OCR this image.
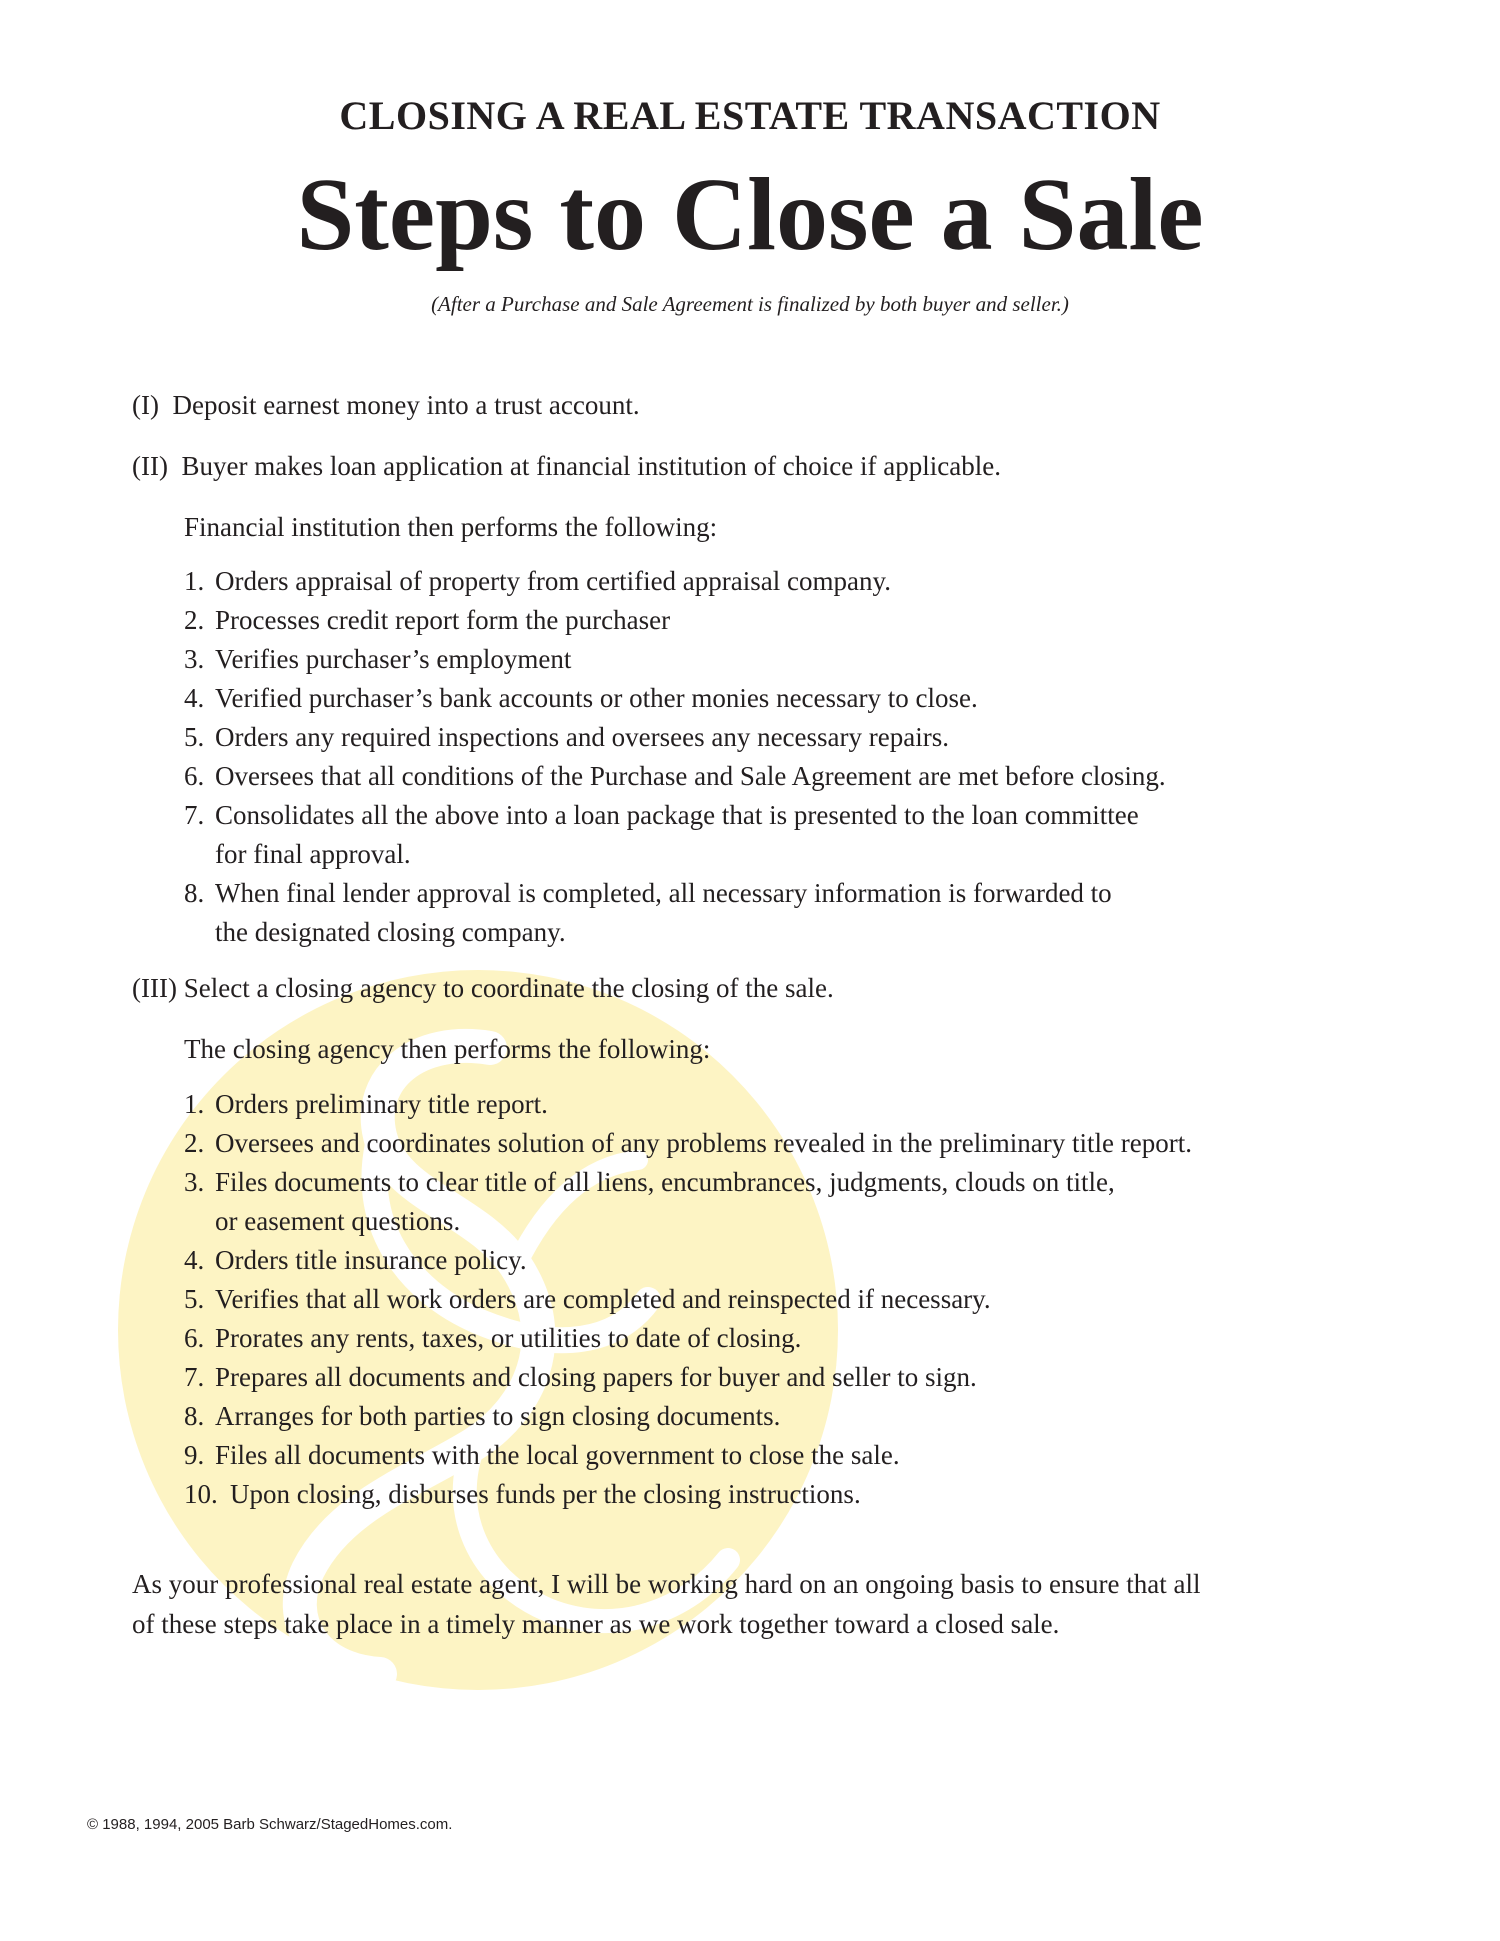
CLOSING A REAL ESTATE TRANSACTION
Steps to Close a Sale

(After a Purchase and Sale Agreement is finalized by both buyer and seller.)

(I) Deposit earnest money into a trust account.

(II) Buyer makes loan application at financial institution of choice if applicable.

Financial institution then performs the following:

1. Orders appraisal of property from certified appraisal company.
2. Processes credit report form the purchaser
3. Verifies purchaser’s employment
4. Verified purchaser’s bank accounts or other monies necessary to close.
5. Orders any required inspections and oversees any necessary repairs.
6. Oversees that all conditions of the Purchase and Sale Agreement are met before closing.
7. Consolidates all the above into a loan package that is presented to the loan committee
for final approval.
8. When final lender approval is completed, all necessary information is forwarded to
the designated closing company.

(III) Select a closing agency to coordinate the closing of the sale.

The closing agency then performs the following:

1. Orders preliminary title report.
2. Oversees and coordinates solution of any problems revealed in the preliminary title report.
3. Files documents to clear title of all liens, encumbrances, judgments, clouds on title,
or easement questions.
4. Orders title insurance policy.
5. Verifies that all work orders are completed and reinspected if necessary.
6. Prorates any rents, taxes, or utilities to date of closing.
7. Prepares all documents and closing papers for buyer and seller to sign.
8. Arranges for both parties to sign closing documents.
9. Files all documents with the local government to close the sale.
10. Upon closing, disburses funds per the closing instructions.

As your professional real estate agent, I will be working hard on an ongoing basis to ensure that all
of these steps take place in a timely manner as we work together toward a closed sale.

© 1988, 1994, 2005 Barb Schwarz/StagedHomes.com.
